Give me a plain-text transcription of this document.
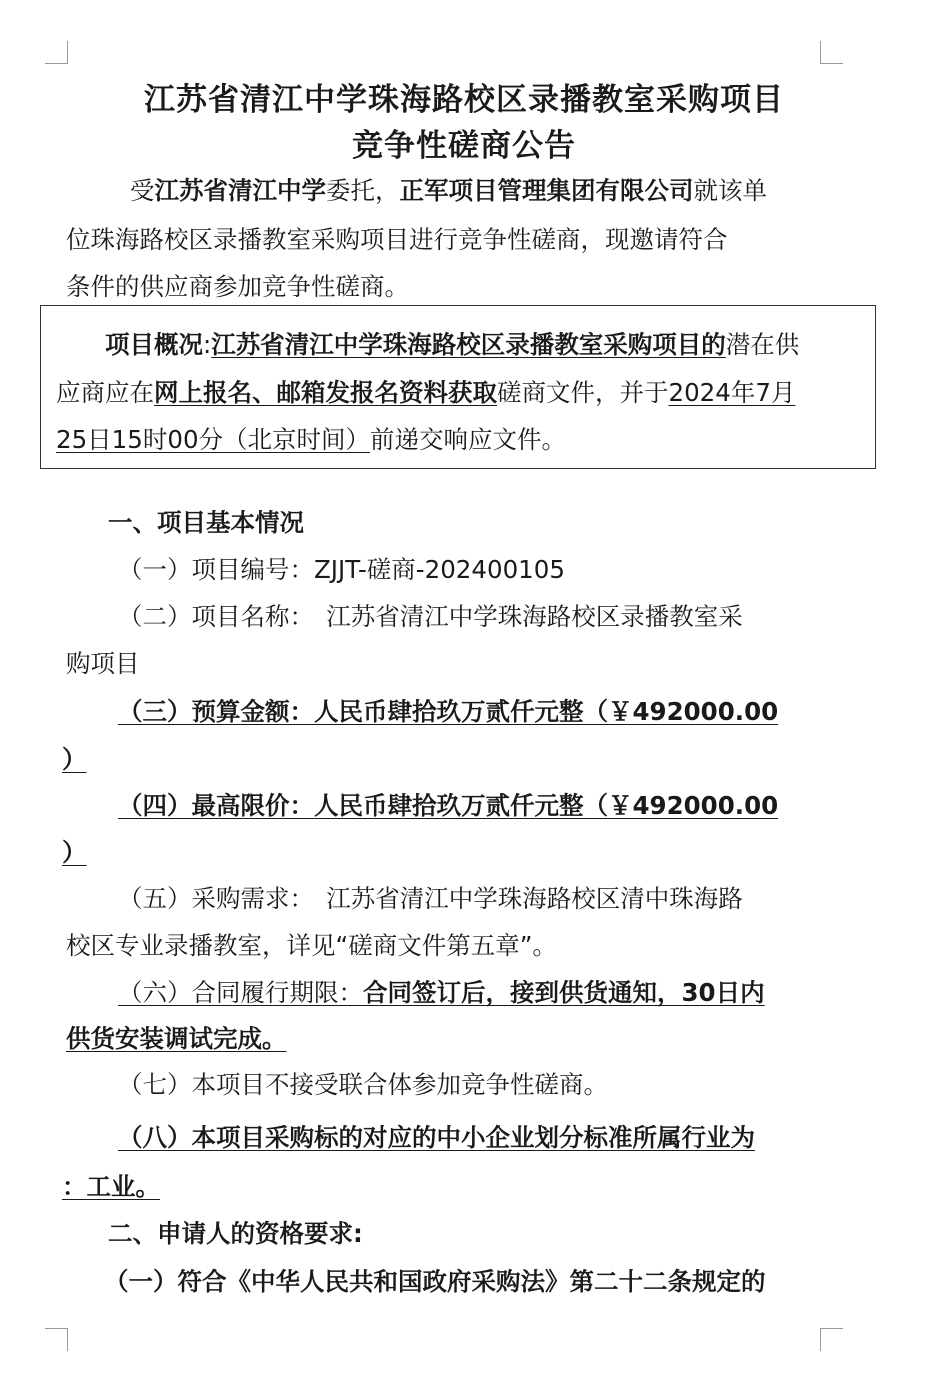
江苏省清江中学珠海路校区录播教室采购项目
竞争性磋商公告
受江苏省清江中学委托，正军项目管理集团有限公司就该单
位珠海路校区录播教室采购项目进行竞争性磋商，现邀请符合
条件的供应商参加竞争性磋商。
项目概况:江苏省清江中学珠海路校区录播教室采购项目的潜在供
应商应在网上报名、邮箱发报名资料获取磋商文件，并于2024年7月
25日15时00分（北京时间）前递交响应文件。
一、项目基本情况
（一）项目编号：ZJJT-磋商-202400105
（二）项目名称：　江苏省清江中学珠海路校区录播教室采
购项目
（三）预算金额：人民币肆拾玖万贰仟元整（￥492000.00
）
（四）最高限价：人民币肆拾玖万贰仟元整（￥492000.00
）
（五）采购需求：　江苏省清江中学珠海路校区清中珠海路
校区专业录播教室，详见“磋商文件第五章”。
（六）合同履行期限：合同签订后，接到供货通知，30日内
供货安装调试完成。
（七）本项目不接受联合体参加竞争性磋商。
（八）本项目采购标的对应的中小企业划分标准所属行业为
：工业。
二、申请人的资格要求:
（一）符合《中华人民共和国政府采购法》第二十二条规定的
